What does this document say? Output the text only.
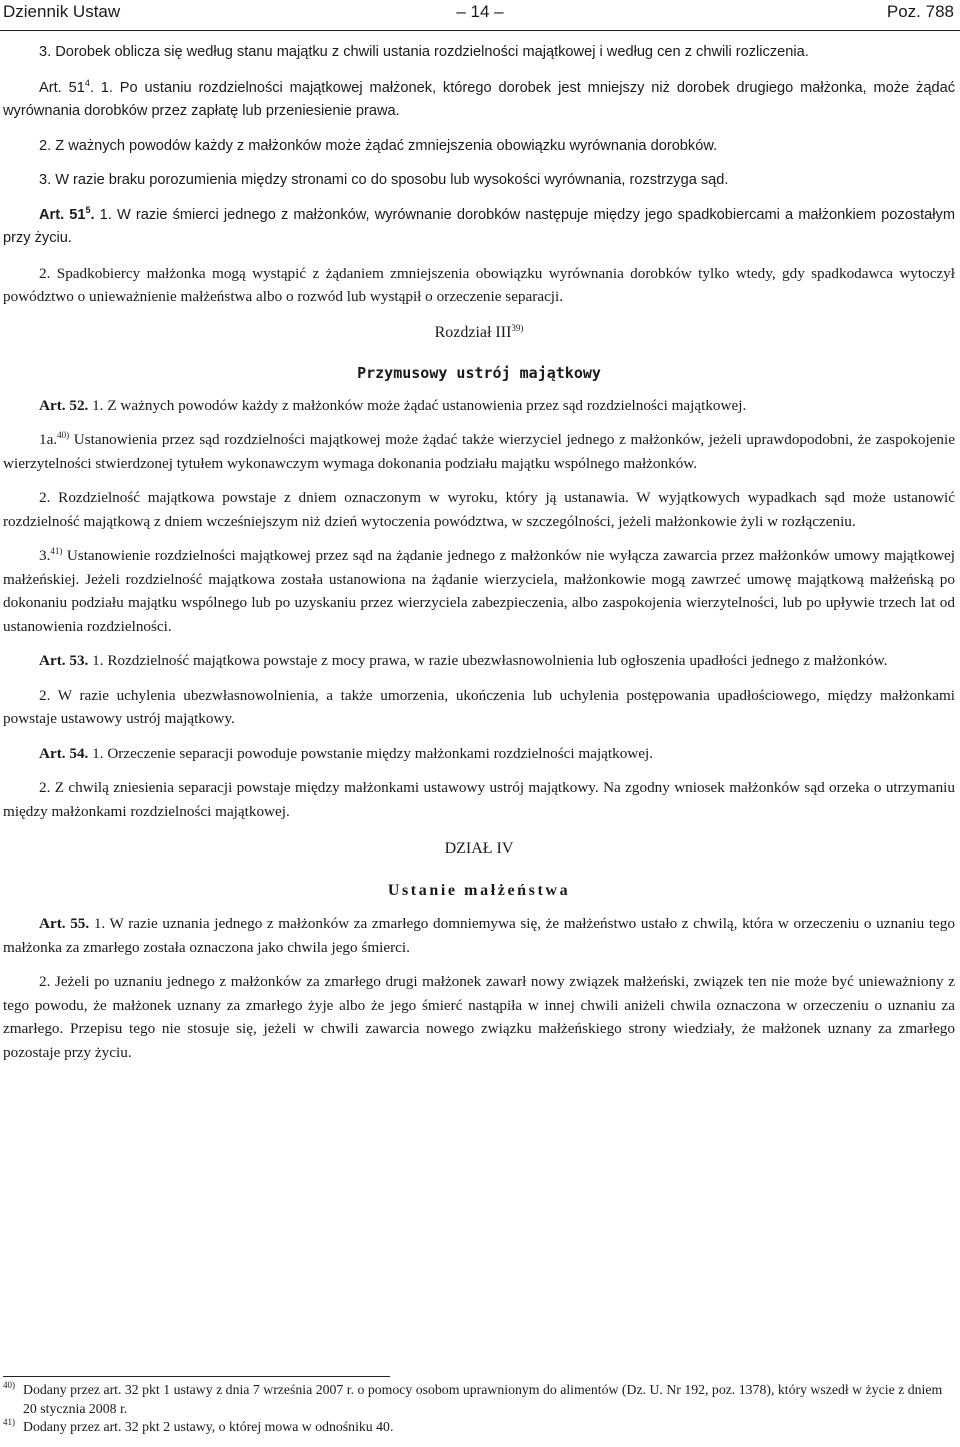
– 14 –
Dziennik Ustaw	Poz. 788

3. Dorobek oblicza się według stanu majątku z chwili ustania rozdzielności majątkowej i według cen z chwili rozliczenia.

Art. $51^4$. 1. Po ustaniu rozdzielności majątkowej małżonek, którego dorobek jest mniejszy niż dorobek drugiego małżonka, może żądać wyrównania dorobków przez zapłatę lub przeniesienie prawa.

2. Z ważnych powodów każdy z małżonków może żądać zmniejszenia obowiązku wyrównania dorobków.

3. W razie braku porozumienia między stronami co do sposobu lub wysokości wyrównania, rozstrzyga sąd.

Art. $51^5$. 1. W razie śmierci jednego z małżonków, wyrównanie dorobków następuje między jego spadkobiercami a małżonkiem pozostałym przy życiu.

2. Spadkobiercy małżonka mogą wystąpić z żądaniem zmniejszenia obowiązku wyrównania dorobków tylko wtedy, gdy spadkodawca wytoczył powództwo o unieważnienie małżeństwa albo o rozwód lub wystąpił o orzeczenie separacji.

Rozdział III$^{39)}$

Przymusowy ustrój majątkowy

Art. 52. 1. Z ważnych powodów każdy z małżonków może żądać ustanowienia przez sąd rozdzielności majątkowej.

1a.$^{40)}$ Ustanowienia przez sąd rozdzielności majątkowej może żądać także wierzyciel jednego z małżonków, jeżeli uprawdopodobni, że zaspokojenie wierzytelności stwierdzonej tytułem wykonawczym wymaga dokonania podziału majątku wspólnego małżonków.

2. Rozdzielność majątkowa powstaje z dniem oznaczonym w wyroku, który ją ustanawia. W wyjątkowych wypadkach sąd może ustanowić rozdzielność majątkową z dniem wcześniejszym niż dzień wytoczenia powództwa, w szczególności, jeżeli małżonkowie żyli w rozłączeniu.

3.$^{41)}$ Ustanowienie rozdzielności majątkowej przez sąd na żądanie jednego z małżonków nie wyłącza zawarcia przez małżonków umowy majątkowej małżeńskiej. Jeżeli rozdzielność majątkowa została ustanowiona na żądanie wierzyciela, małżonkowie mogą zawrzeć umowę majątkową małżeńską po dokonaniu podziału majątku wspólnego lub po uzyskaniu przez wierzyciela zabezpieczenia, albo zaspokojenia wierzytelności, lub po upływie trzech lat od ustanowienia rozdzielności.

Art. 53. 1. Rozdzielność majątkowa powstaje z mocy prawa, w razie ubezwłasnowolnienia lub ogłoszenia upadłości jednego z małżonków.

2. W razie uchylenia ubezwłasnowolnienia, a także umorzenia, ukończenia lub uchylenia postępowania upadłościowego, między małżonkami powstaje ustawowy ustrój majątkowy.

Art. 54. 1. Orzeczenie separacji powoduje powstanie między małżonkami rozdzielności majątkowej.

2. Z chwilą zniesienia separacji powstaje między małżonkami ustawowy ustrój majątkowy. Na zgodny wniosek małżonków sąd orzeka o utrzymaniu między małżonkami rozdzielności majątkowej.

DZIAŁ IV

Ustanie małżeństwa

Art. 55. 1. W razie uznania jednego z małżonków za zmarłego domniemywa się, że małżeństwo ustało z chwilą, która w orzeczeniu o uznaniu tego małżonka za zmarłego została oznaczona jako chwila jego śmierci.

2. Jeżeli po uznaniu jednego z małżonków za zmarłego drugi małżonek zawarł nowy związek małżeński, związek ten nie może być unieważniony z tego powodu, że małżonek uznany za zmarłego żyje albo że jego śmierć nastąpiła w innej chwili aniżeli chwila oznaczona w orzeczeniu o uznaniu za zmarłego. Przepisu tego nie stosuje się, jeżeli w chwili zawarcia nowego związku małżeńskiego strony wiedziały, że małżonek uznany za zmarłego pozostaje przy życiu.

40) Dodany przez art. 32 pkt 1 ustawy z dnia 7 września 2007 r. o pomocy osobom uprawnionym do alimentów (Dz. U. Nr 192, poz. 1378), który wszedł w życie z dniem 20 stycznia 2008 r.

41) Dodany przez art. 32 pkt 2 ustawy, o której mowa w odnośniku 40.
